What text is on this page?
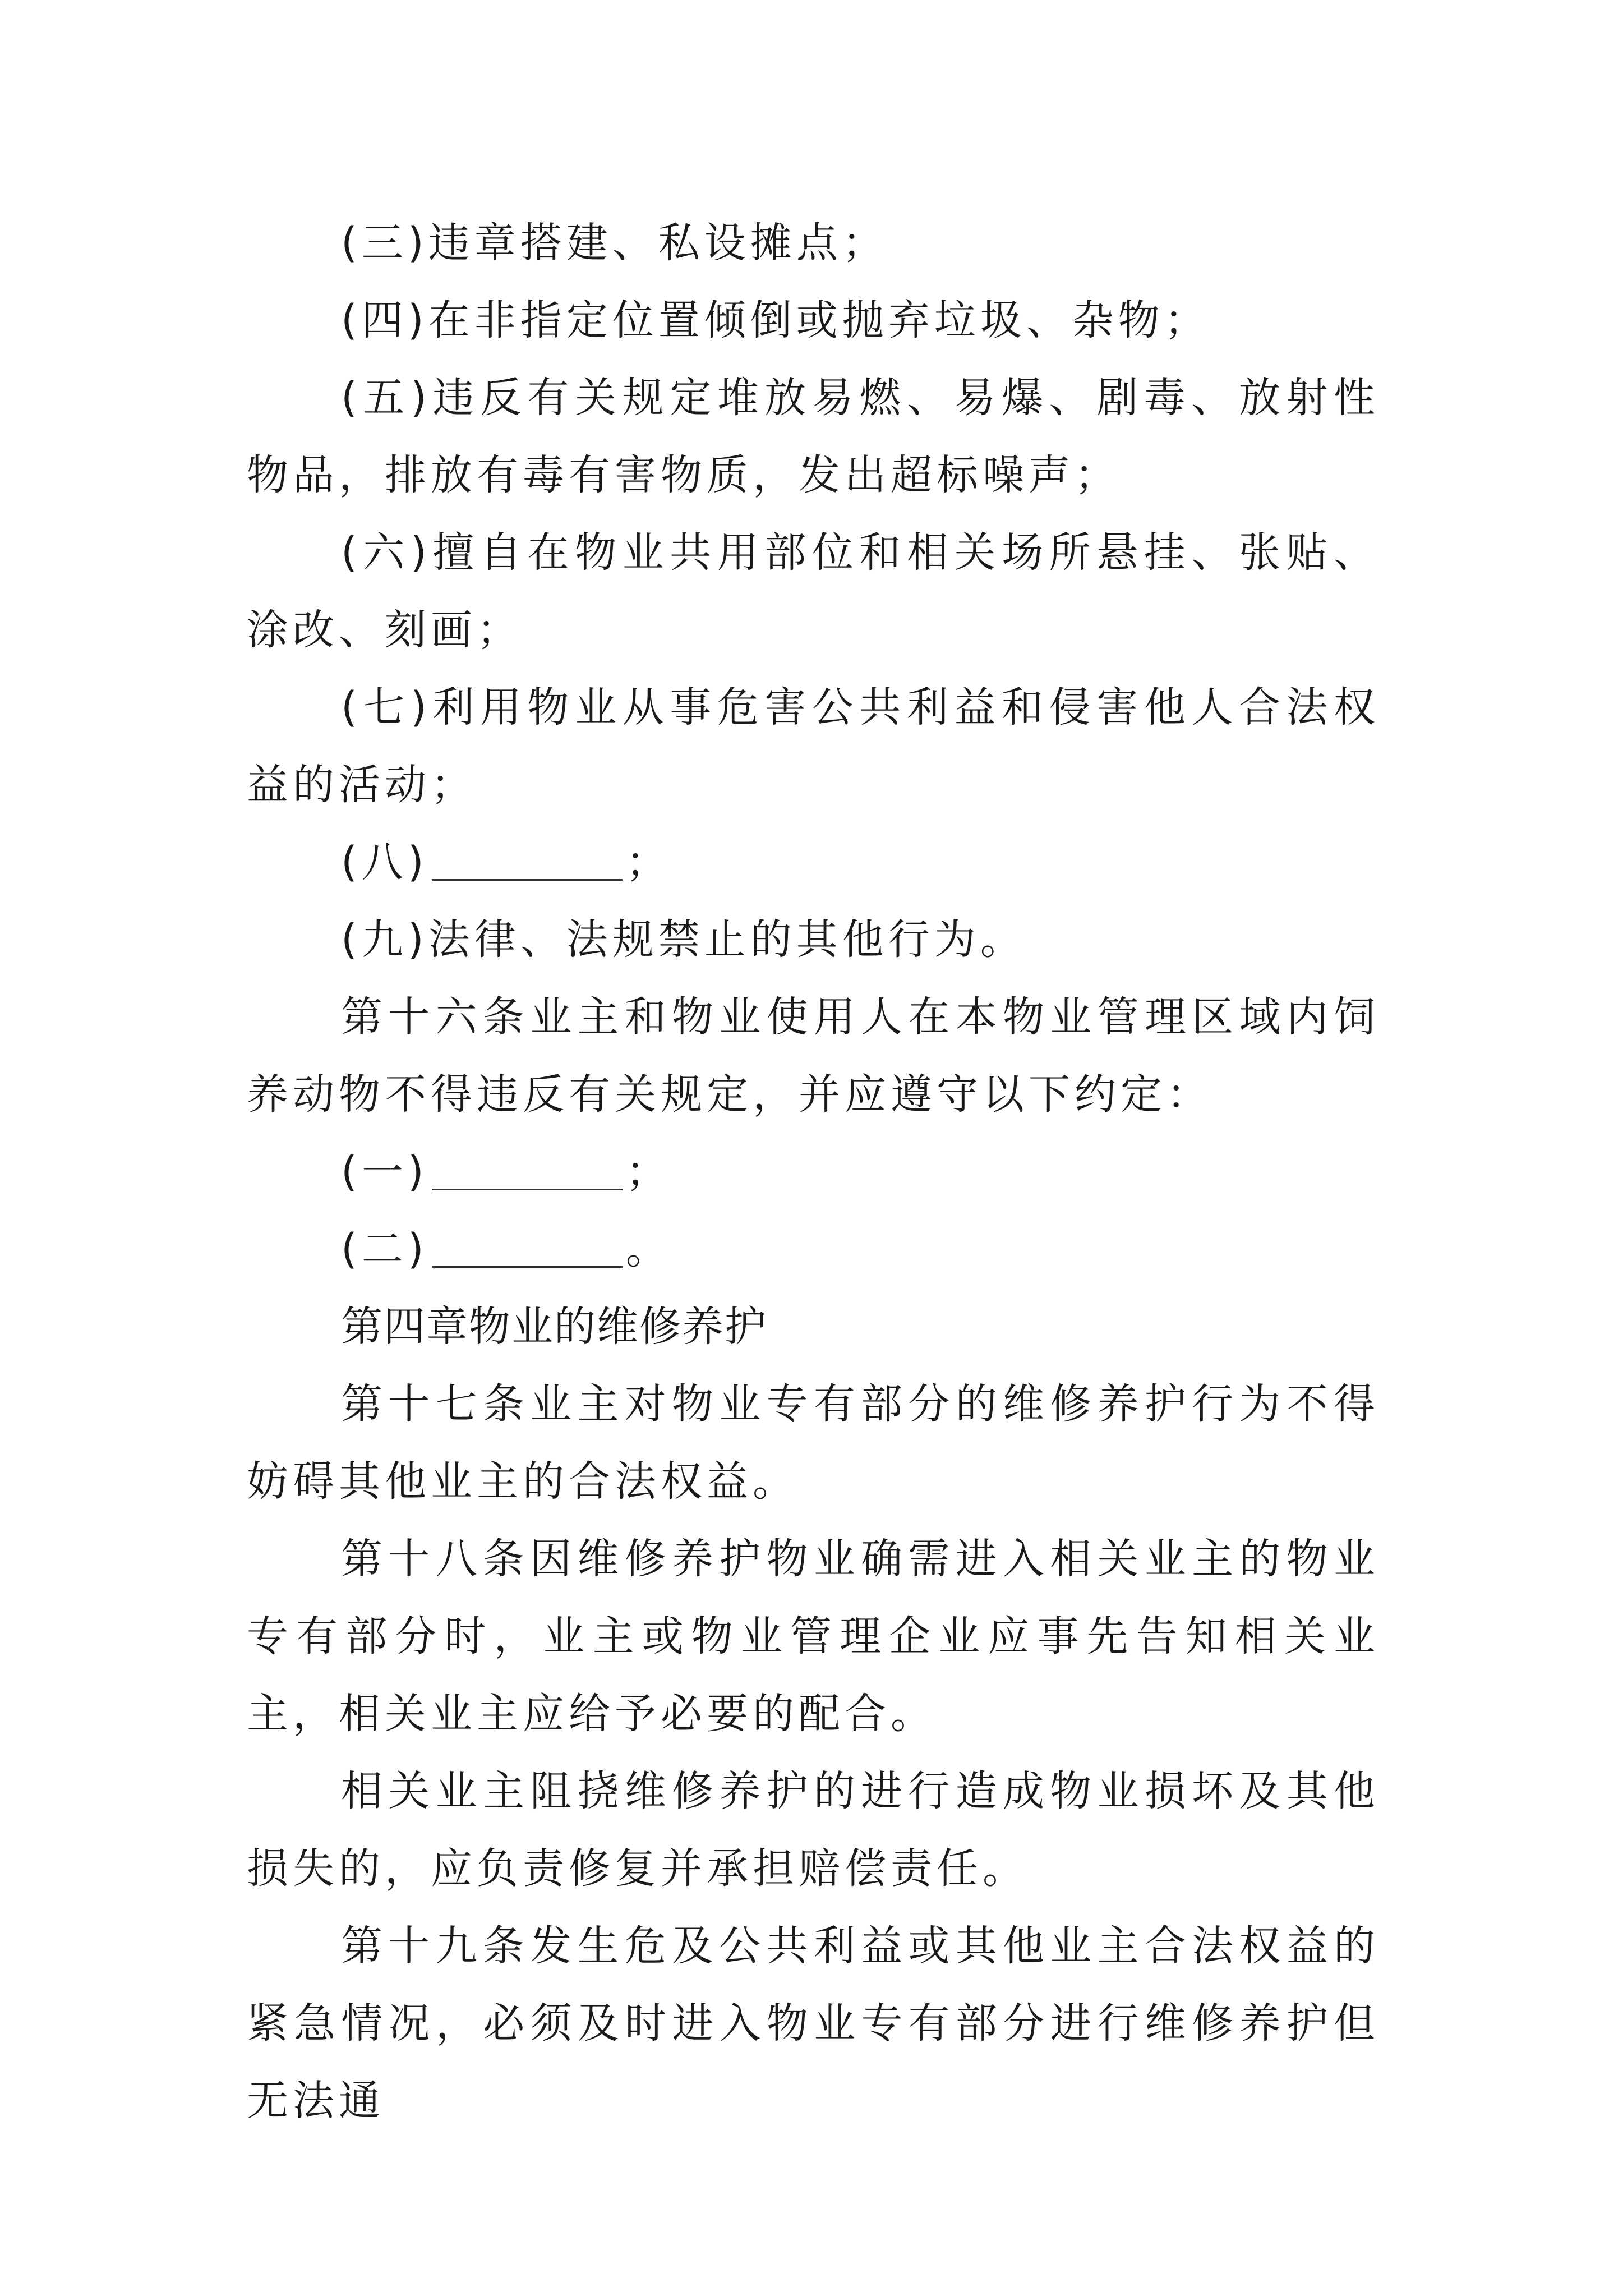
(三)违章搭建、私设摊点；

(四)在非指定位置倾倒或抛弃垃圾、杂物；

(五)违反有关规定堆放易燃、易爆、剧毒、放射性物品，排放有毒有害物质，发出超标噪声；

(六)擅自在物业共用部位和相关场所悬挂、张贴、涂改、刻画；

(七)利用物业从事危害公共利益和侵害他人合法权益的活动；

(八)	；

(九)法律、法规禁止的其他行为。

第十六条业主和物业使用人在本物业管理区域内饲养动物不得违反有关规定，并应遵守以下约定：

(一)	；

(二)	。

第四章物业的维修养护

第十七条业主对物业专有部分的维修养护行为不得妨碍其他业主的合法权益。

第十八条因维修养护物业确需进入相关业主的物业专有部分时，业主或物业管理企业应事先告知相关业主，相关业主应给予必要的配合。

相关业主阻挠维修养护的进行造成物业损坏及其他损失的，应负责修复并承担赔偿责任。

第十九条发生危及公共利益或其他业主合法权益的紧急情况，必须及时进入物业专有部分进行维修养护但无法通
